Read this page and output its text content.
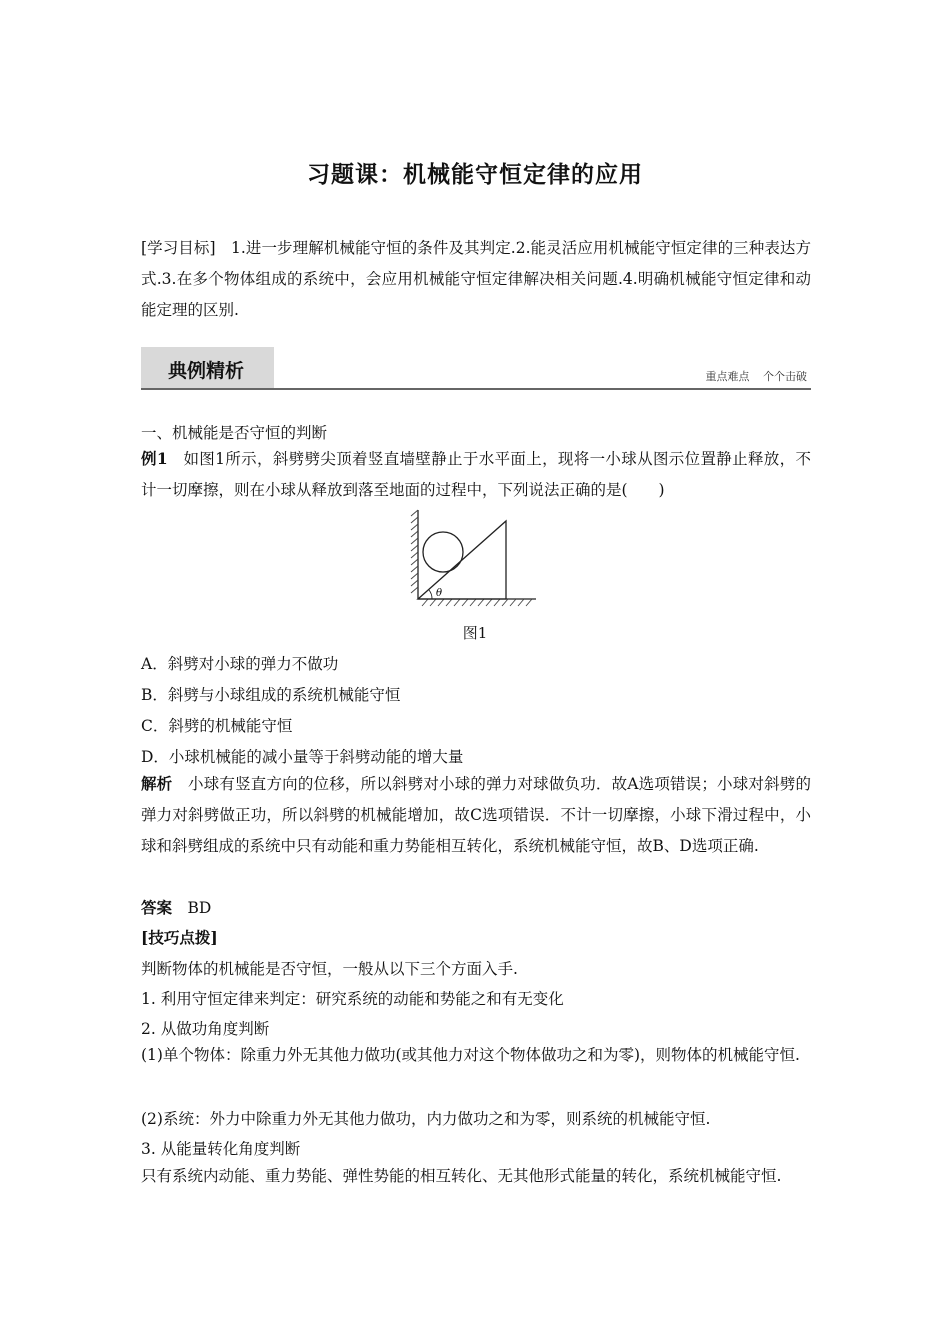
习题课：机械能守恒定律的应用
[学习目标]  1.进一步理解机械能守恒的条件及其判定.2.能灵活应用机械能守恒定律的三种表达方式.3.在多个物体组成的系统中，会应用机械能守恒定律解决相关问题.4.明确机械能守恒定律和动能定理的区别.
典例精析	重点难点 个个击破
一、机械能是否守恒的判断
例1  如图1所示，斜劈劈尖顶着竖直墙壁静止于水平面上，现将一小球从图示位置静止释放，不计一切摩擦，则在小球从释放到落至地面的过程中，下列说法正确的是(　　)
θ
图1
A．斜劈对小球的弹力不做功
B．斜劈与小球组成的系统机械能守恒
C．斜劈的机械能守恒
D．小球机械能的减小量等于斜劈动能的增大量
解析  小球有竖直方向的位移，所以斜劈对小球的弹力对球做负功．故A选项错误；小球对斜劈的弹力对斜劈做正功，所以斜劈的机械能增加，故C选项错误．不计一切摩擦，小球下滑过程中，小球和斜劈组成的系统中只有动能和重力势能相互转化，系统机械能守恒，故B、D选项正确.
答案  BD
[技巧点拨]
判断物体的机械能是否守恒，一般从以下三个方面入手.
1. 利用守恒定律来判定：研究系统的动能和势能之和有无变化
2. 从做功角度判断
(1)单个物体：除重力外无其他力做功(或其他力对这个物体做功之和为零)，则物体的机械能守恒.
(2)系统：外力中除重力外无其他力做功，内力做功之和为零，则系统的机械能守恒.
3. 从能量转化角度判断
只有系统内动能、重力势能、弹性势能的相互转化、无其他形式能量的转化，系统机械能守恒.
